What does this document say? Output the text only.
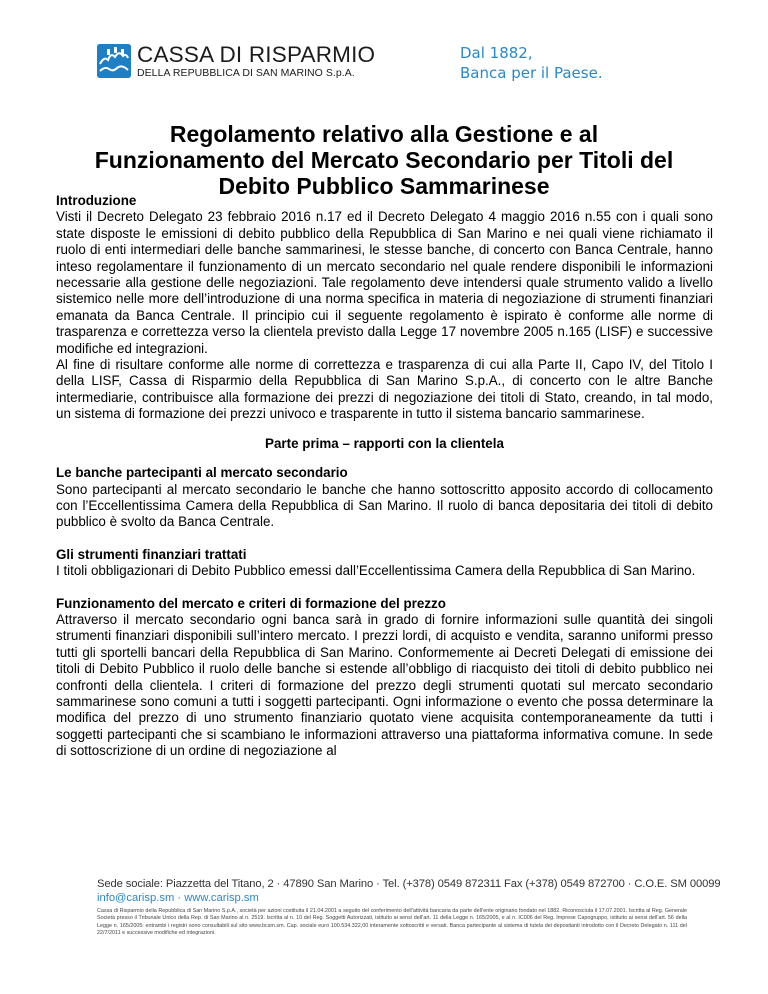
CASSA DI RISPARMIO
DELLA REPUBBLICA DI SAN MARINO S.p.A.
Dal 1882,
Banca per il Paese.
Regolamento relativo alla Gestione e al
Funzionamento del Mercato Secondario per Titoli del
Debito Pubblico Sammarinese
Introduzione

Visti il Decreto Delegato 23 febbraio 2016 n.17 ed il Decreto Delegato 4 maggio 2016 n.55 con i quali sono state disposte le emissioni di debito pubblico della Repubblica di San Marino e nei quali viene richiamato il ruolo di enti intermediari delle banche sammarinesi, le stesse banche, di concerto con Banca Centrale, hanno inteso regolamentare il funzionamento di un mercato secondario nel quale rendere disponibili le informazioni necessarie alla gestione delle negoziazioni. Tale regolamento deve intendersi quale strumento valido a livello sistemico nelle more dell’introduzione di una norma specifica in materia di negoziazione di strumenti finanziari emanata da Banca Centrale. Il principio cui il seguente regolamento è ispirato è conforme alle norme di trasparenza e correttezza verso la clientela previsto dalla Legge 17 novembre 2005 n.165 (LISF) e successive modifiche ed integrazioni.

Al fine di risultare conforme alle norme di correttezza e trasparenza di cui alla Parte II, Capo IV, del Titolo I della LISF, Cassa di Risparmio della Repubblica di San Marino S.p.A., di concerto con le altre Banche intermediarie, contribuisce alla formazione dei prezzi di negoziazione dei titoli di Stato, creando, in tal modo, un sistema di formazione dei prezzi univoco e trasparente in tutto il sistema bancario sammarinese.

Parte prima – rapporti con la clientela
Le banche partecipanti al mercato secondario

Sono partecipanti al mercato secondario le banche che hanno sottoscritto apposito accordo di collocamento con l’Eccellentissima Camera della Repubblica di San Marino. Il ruolo di banca depositaria dei titoli di debito pubblico è svolto da Banca Centrale.

Gli strumenti finanziari trattati

I titoli obbligazionari di Debito Pubblico emessi dall’Eccellentissima Camera della Repubblica di San Marino.

Funzionamento del mercato e criteri di formazione del prezzo

Attraverso il mercato secondario ogni banca sarà in grado di fornire informazioni sulle quantità dei singoli strumenti finanziari disponibili sull’intero mercato. I prezzi lordi, di acquisto e vendita, saranno uniformi presso tutti gli sportelli bancari della Repubblica di San Marino. Conformemente ai Decreti Delegati di emissione dei titoli di Debito Pubblico il ruolo delle banche si estende all’obbligo di riacquisto dei titoli di debito pubblico nei confronti della clientela. I criteri di formazione del prezzo degli strumenti quotati sul mercato secondario sammarinese sono comuni a tutti i soggetti partecipanti. Ogni informazione o evento che possa determinare la modifica del prezzo di uno strumento finanziario quotato viene acquisita contemporaneamente da tutti i soggetti partecipanti che si scambiano le informazioni attraverso una piattaforma informativa comune. In sede di sottoscrizione di un ordine di negoziazione al

Sede sociale: Piazzetta del Titano, 2 · 47890 San Marino · Tel. (+378) 0549 872311 Fax (+378) 0549 872700 · C.O.E. SM 00099
info@carisp.sm · www.carisp.sm
Cassa di Risparmio della Repubblica di San Marino S.p.A., società per azioni costituita il 21.04.2001 a seguito del conferimento dell’attività bancaria da parte dell’ente originario fondato nel 1882. Riconosciuta il 17.07.2001. Iscritta al Reg. Generale Società presso il Tribunale Unico della Rep. di San Marino al n. 2519. Iscritta al n. 10 del Reg. Soggetti Autorizzati, istituito ai sensi dell’art. 11 della Legge n. 165/2005, e al n. IC006 del Reg. Imprese Capogruppo, istituito ai sensi dell’art. 56 della Legge n. 165/2005: entrambi i registri sono consultabili sul sito www.bcsm.sm. Cap. sociale euro 100.534.322,00 interamente sottoscritti e versati. Banca partecipante al sistema di tutela dei depositanti introdotto con il Decreto Delegato n. 111 del 22/7/2011 e successive modifiche ed integrazioni.
